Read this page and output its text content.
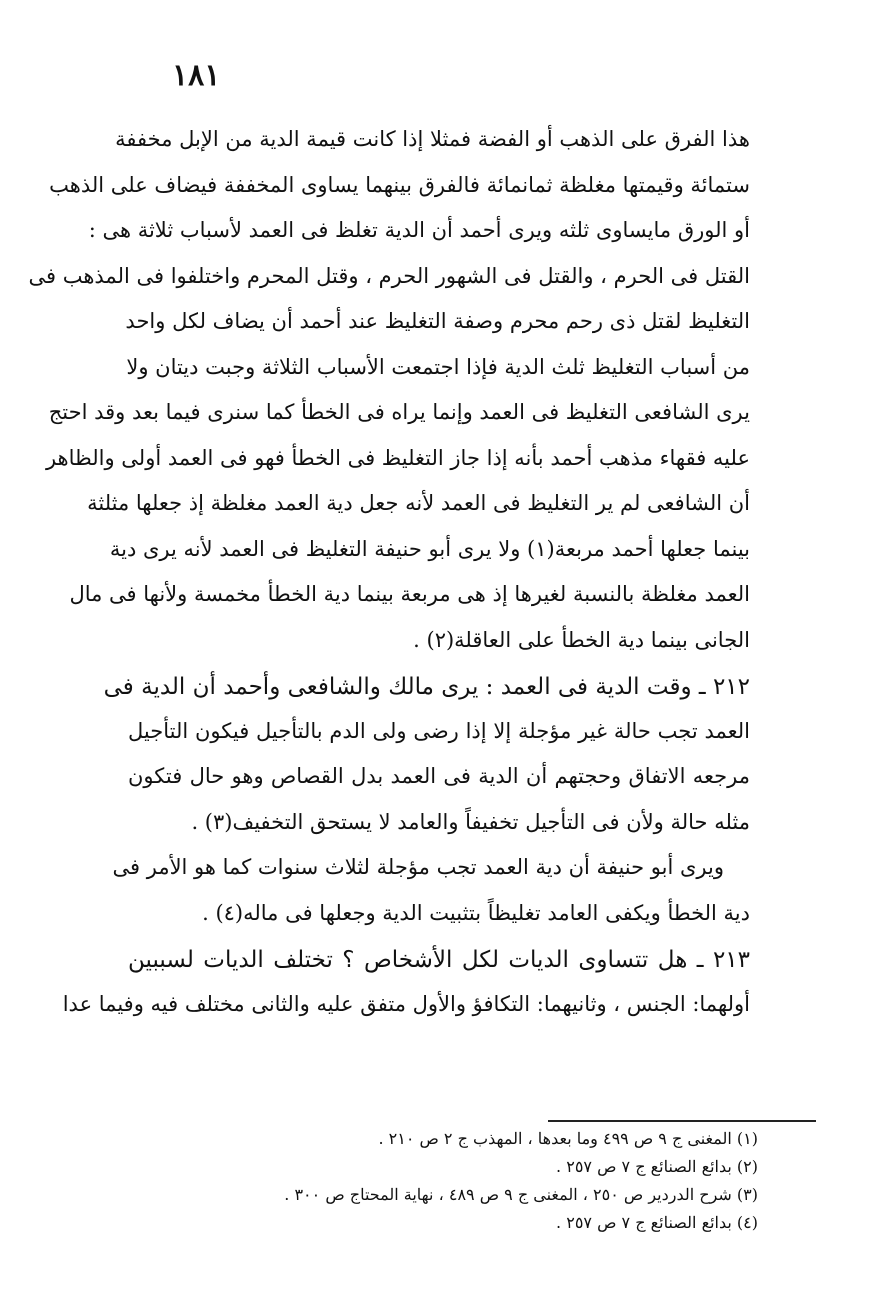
١٨١
هذا الفرق على الذهب أو الفضة فمثلا إذا كانت قيمة الدية من الإبل مخففة
ستمائة وقيمتها مغلظة ثمانمائة فالفرق بينهما يساوى المخففة فيضاف على الذهب
أو الورق مايساوى ثلثه ويرى أحمد أن الدية تغلظ فى العمد لأسباب ثلاثة هى :
القتل فى الحرم ، والقتل فى الشهور الحرم ، وقتل المحرم واختلفوا فى المذهب فى
التغليظ لقتل ذى رحم محرم وصفة التغليظ عند أحمد أن يضاف لكل واحد
من أسباب التغليظ ثلث الدية فإذا اجتمعت الأسباب الثلاثة وجبت ديتان ولا
يرى الشافعى التغليظ فى العمد وإنما يراه فى الخطأ كما سنرى فيما بعد وقد احتج
عليه فقهاء مذهب أحمد بأنه إذا جاز التغليظ فى الخطأ فهو فى العمد أولى والظاهر
أن الشافعى لم ير التغليظ فى العمد لأنه جعل دية العمد مغلظة إذ جعلها مثلثة
بينما جعلها أحمد مربعة(١) ولا يرى أبو حنيفة التغليظ فى العمد لأنه يرى دية
العمد مغلظة بالنسبة لغيرها إذ هى مربعة بينما دية الخطأ مخمسة ولأنها فى مال
الجانى بينما دية الخطأ على العاقلة(٢) .
٢١٢ ـ وقت الدية فى العمد : يرى مالك والشافعى وأحمد أن الدية فى
العمد تجب حالة غير مؤجلة إلا إذا رضى ولى الدم بالتأجيل فيكون التأجيل
مرجعه الاتفاق وحجتهم أن الدية فى العمد بدل القصاص وهو حال فتكون
مثله حالة ولأن فى التأجيل تخفيفاً والعامد لا يستحق التخفيف(٣) .
ويرى أبو حنيفة أن دية العمد تجب مؤجلة لثلاث سنوات كما هو الأمر فى
دية الخطأ ويكفى العامد تغليظاً بتثبيت الدية وجعلها فى ماله(٤) .
٢١٣ ـ هل تتساوى الديات لكل الأشخاص ؟ تختلف الديات لسببين
أولهما: الجنس ، وثانيهما: التكافؤ والأول متفق عليه والثانى مختلف فيه وفيما عدا
(١) المغنى ج ٩ ص ٤٩٩ وما بعدها ، المهذب ج ٢ ص ٢١٠ .
(٢) بدائع الصنائع ج ٧ ص ٢٥٧ .
(٣) شرح الدردير ص ٢٥٠ ، المغنى ج ٩ ص ٤٨٩ ، نهاية المحتاج ص ٣٠٠ .
(٤) بدائع الصنائع ج ٧ ص ٢٥٧ .
